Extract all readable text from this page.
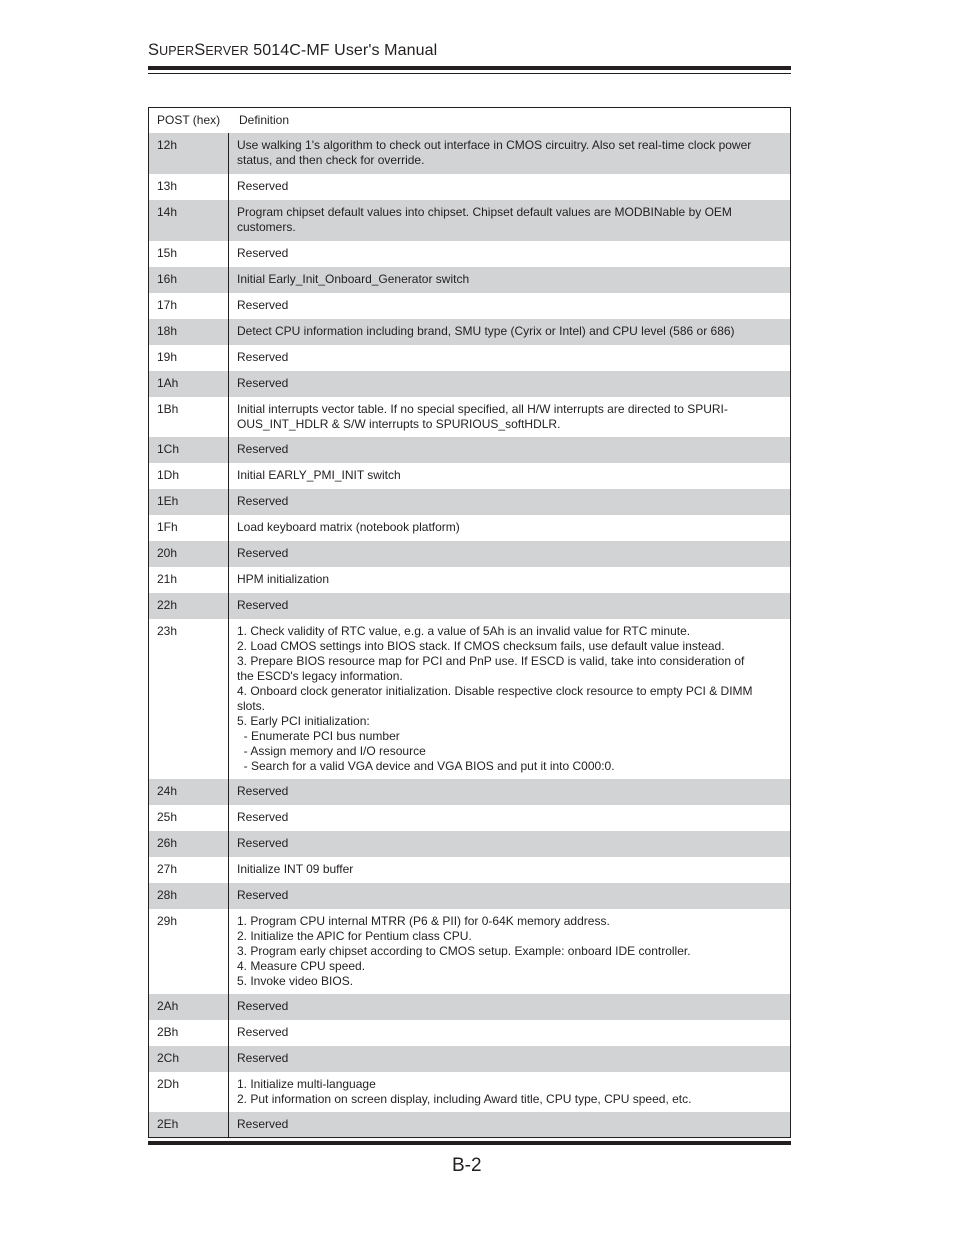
SUPERSERVER 5014C-MF User's Manual
POST (hex)	Definition
12h	Use walking 1's algorithm to check out interface in CMOS circuitry. Also set real-time clock power
status, and then check for override.
13h	Reserved
14h	Program chipset default values into chipset. Chipset default values are MODBINable by OEM
customers.
15h	Reserved
16h	Initial Early_Init_Onboard_Generator switch
17h	Reserved
18h	Detect CPU information including brand, SMU type (Cyrix or Intel) and CPU level (586 or 686)
19h	Reserved
1Ah	Reserved
1Bh	Initial interrupts vector table. If no special specified, all H/W interrupts are directed to SPURI-
OUS_INT_HDLR & S/W interrupts to SPURIOUS_softHDLR.
1Ch	Reserved
1Dh	Initial EARLY_PMI_INIT switch
1Eh	Reserved
1Fh	Load keyboard matrix (notebook platform)
20h	Reserved
21h	HPM initialization
22h	Reserved
23h	1. Check validity of RTC value, e.g. a value of 5Ah is an invalid value for RTC minute.
2. Load CMOS settings into BIOS stack. If CMOS checksum fails, use default value instead.
3. Prepare BIOS resource map for PCI and PnP use. If ESCD is valid, take into consideration of
the ESCD's legacy information.
4. Onboard clock generator initialization. Disable respective clock resource to empty PCI & DIMM
slots.
5. Early PCI initialization:
- Enumerate PCI bus number
- Assign memory and I/O resource
- Search for a valid VGA device and VGA BIOS and put it into C000:0.
24h	Reserved
25h	Reserved
26h	Reserved
27h	Initialize INT 09 buffer
28h	Reserved
29h	1. Program CPU internal MTRR (P6 & PII) for 0-64K memory address.
2. Initialize the APIC for Pentium class CPU.
3. Program early chipset according to CMOS setup. Example: onboard IDE controller.
4. Measure CPU speed.
5. Invoke video BIOS.
2Ah	Reserved
2Bh	Reserved
2Ch	Reserved
2Dh	1. Initialize multi-language
2. Put information on screen display, including Award title, CPU type, CPU speed, etc.
2Eh	Reserved
B-2
